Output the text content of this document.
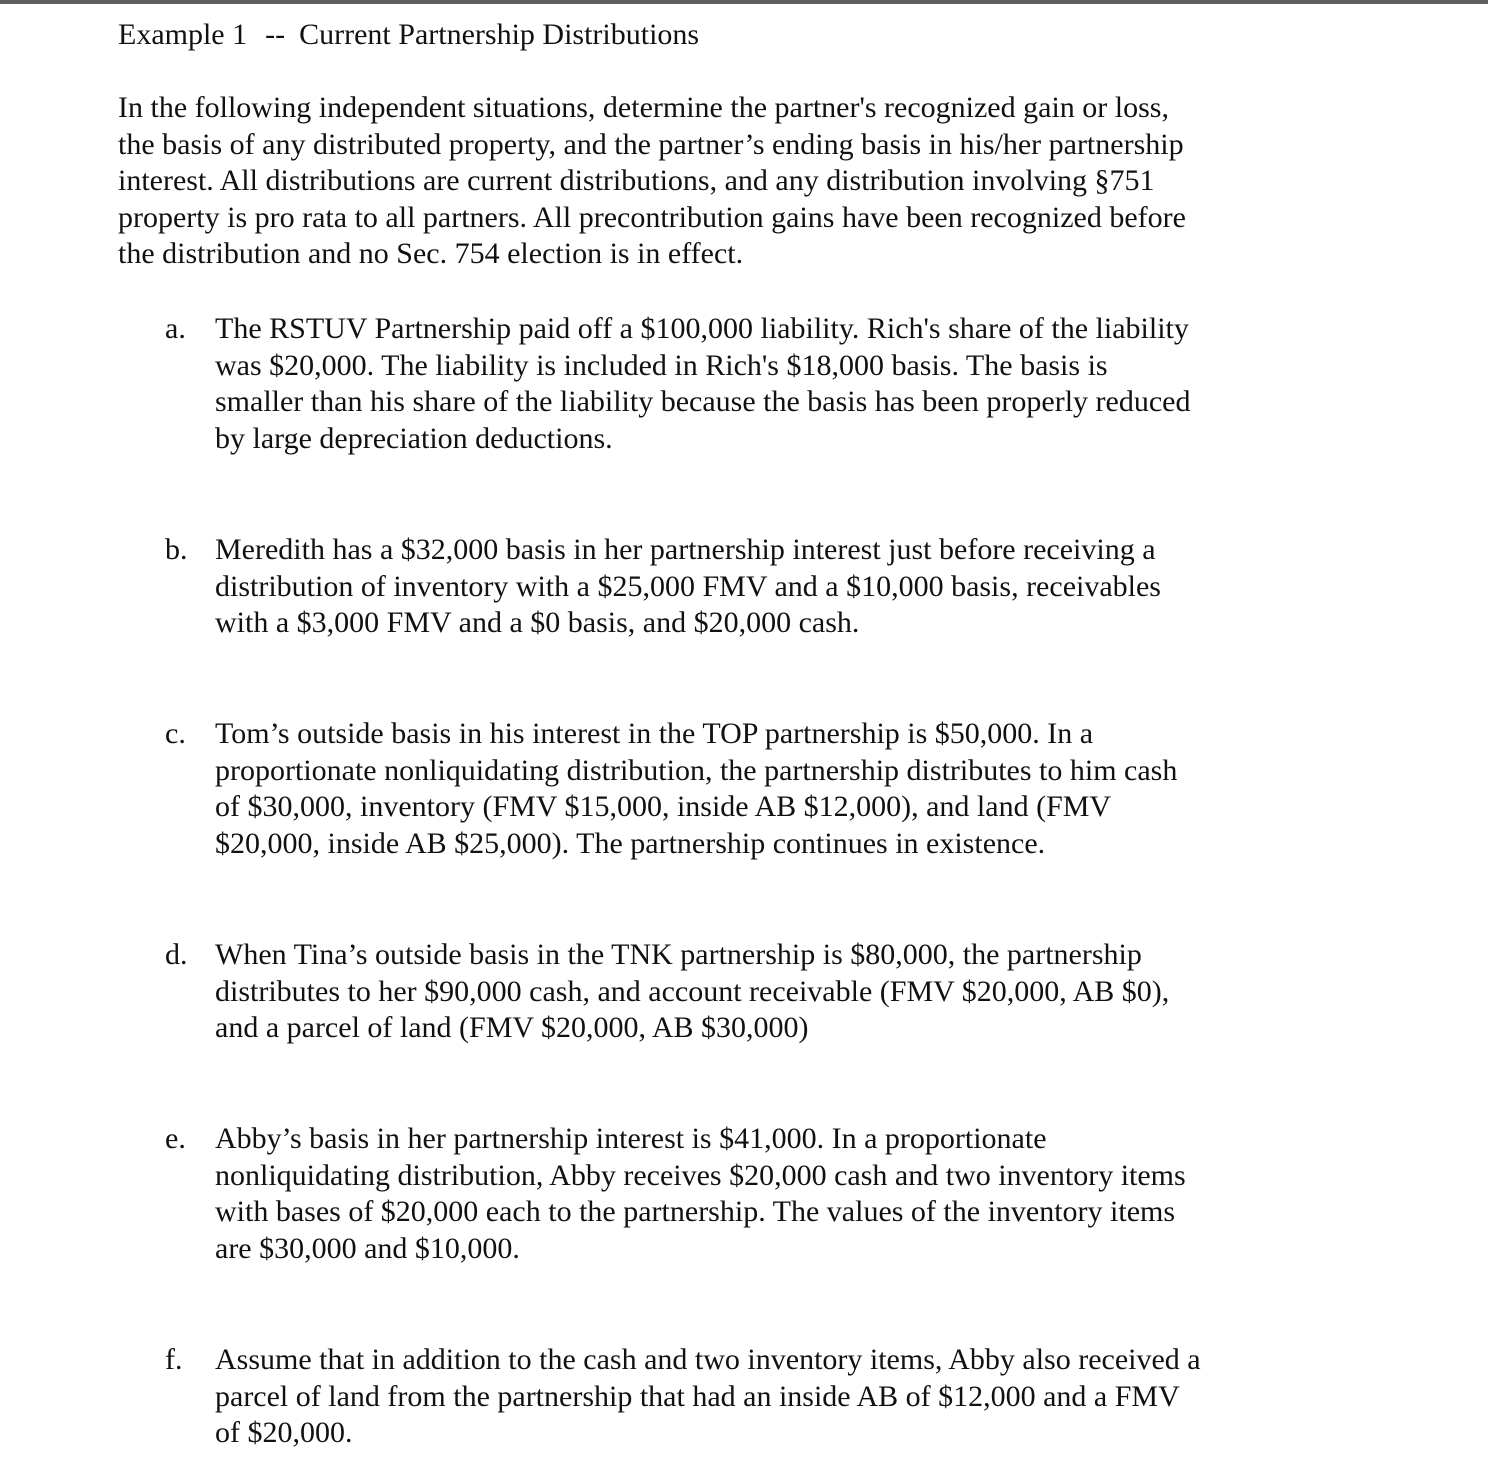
Example 1 -- Current Partnership Distributions
In the following independent situations, determine the partner's recognized gain or loss,
the basis of any distributed property, and the partner’s ending basis in his/her partnership
interest. All distributions are current distributions, and any distribution involving §751
property is pro rata to all partners. All precontribution gains have been recognized before
the distribution and no Sec. 754 election is in effect.
a. The RSTUV Partnership paid off a $100,000 liability. Rich's share of the liability
was $20,000. The liability is included in Rich's $18,000 basis. The basis is
smaller than his share of the liability because the basis has been properly reduced
by large depreciation deductions.
b. Meredith has a $32,000 basis in her partnership interest just before receiving a
distribution of inventory with a $25,000 FMV and a $10,000 basis, receivables
with a $3,000 FMV and a $0 basis, and $20,000 cash.
c. Tom’s outside basis in his interest in the TOP partnership is $50,000. In a
proportionate nonliquidating distribution, the partnership distributes to him cash
of $30,000, inventory (FMV $15,000, inside AB $12,000), and land (FMV
$20,000, inside AB $25,000). The partnership continues in existence.
d. When Tina’s outside basis in the TNK partnership is $80,000, the partnership
distributes to her $90,000 cash, and account receivable (FMV $20,000, AB $0),
and a parcel of land (FMV $20,000, AB $30,000)
e. Abby’s basis in her partnership interest is $41,000. In a proportionate
nonliquidating distribution, Abby receives $20,000 cash and two inventory items
with bases of $20,000 each to the partnership. The values of the inventory items
are $30,000 and $10,000.
f.	Assume that in addition to the cash and two inventory items, Abby also received a
parcel of land from the partnership that had an inside AB of $12,000 and a FMV
of $20,000.
